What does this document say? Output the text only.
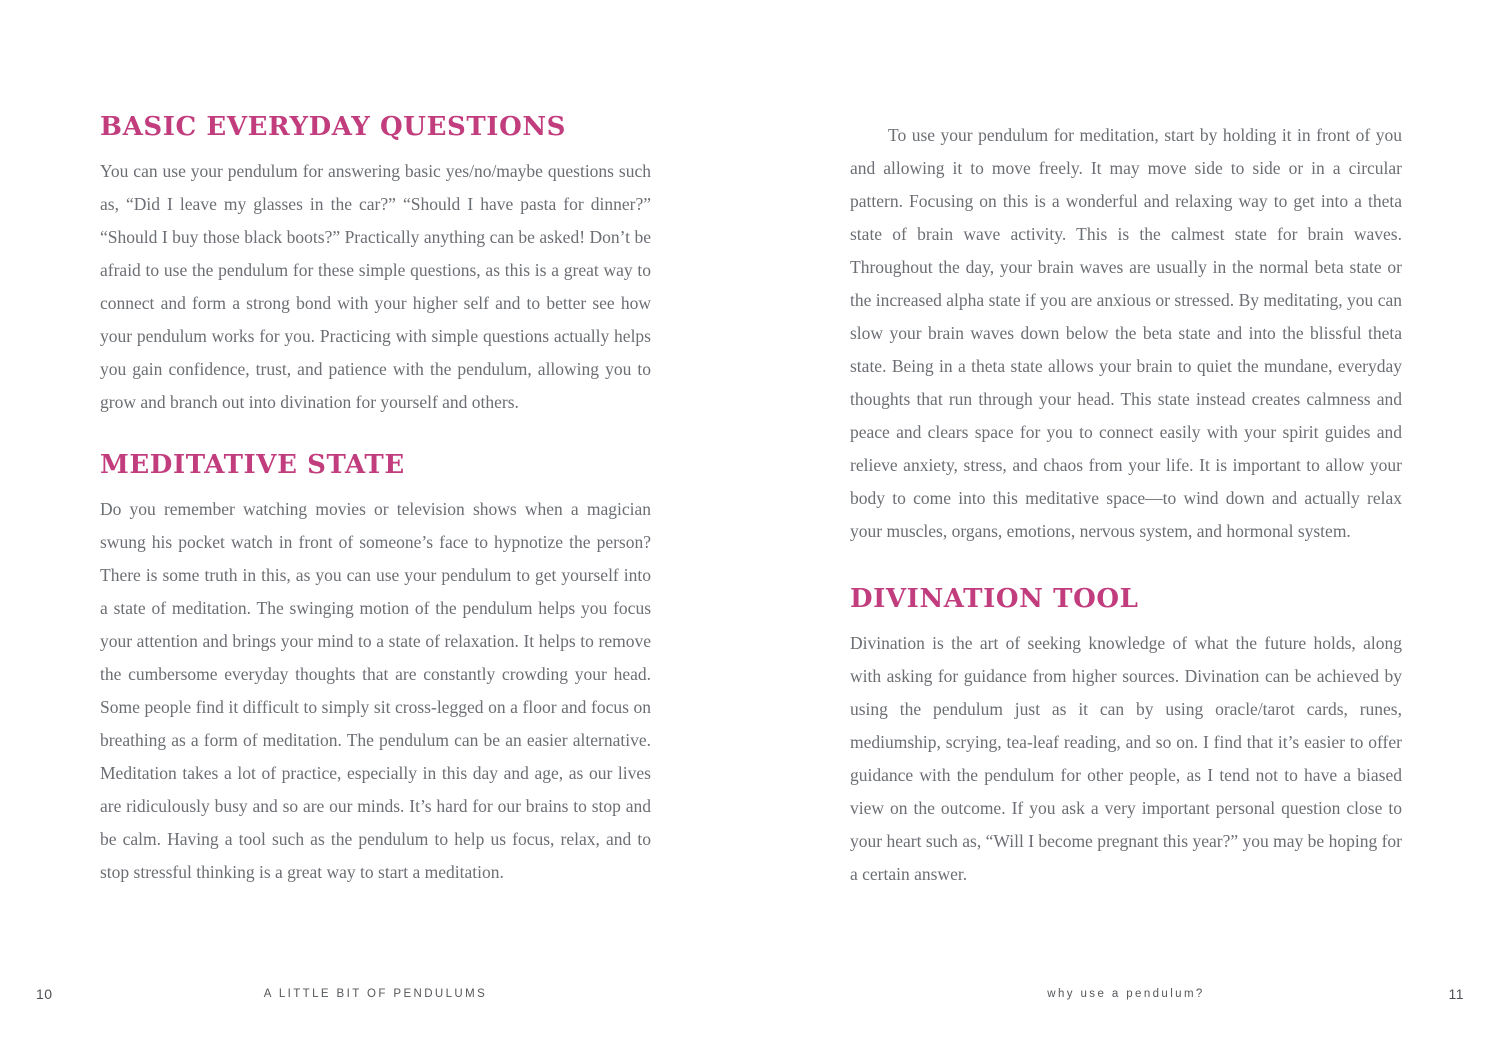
BASIC EVERYDAY QUESTIONS

You can use your pendulum for answering basic yes/no/maybe questions such as, “Did I leave my glasses in the car?” “Should I have pasta for dinner?” “Should I buy those black boots?” Practically anything can be asked! Don’t be afraid to use the pendulum for these simple questions, as this is a great way to connect and form a strong bond with your higher self and to better see how your pendulum works for you. Practicing with simple questions actually helps you gain confidence, trust, and patience with the pendulum, allowing you to grow and branch out into divination for yourself and others.

MEDITATIVE STATE

Do you remember watching movies or television shows when a magician swung his pocket watch in front of someone’s face to hypnotize the person? There is some truth in this, as you can use your pendulum to get yourself into a state of meditation. The swinging motion of the pendulum helps you focus your attention and brings your mind to a state of relaxation. It helps to remove the cumbersome everyday thoughts that are constantly crowding your head. Some people find it difficult to simply sit cross-legged on a floor and focus on breathing as a form of meditation. The pendulum can be an easier alternative. Meditation takes a lot of practice, especially in this day and age, as our lives are ridiculously busy and so are our minds. It’s hard for our brains to stop and be calm. Having a tool such as the pendulum to help us focus, relax, and to stop stressful thinking is a great way to start a meditation.

To use your pendulum for meditation, start by holding it in front of you and allowing it to move freely. It may move side to side or in a circular pattern. Focusing on this is a wonderful and relaxing way to get into a theta state of brain wave activity. This is the calmest state for brain waves. Throughout the day, your brain waves are usually in the normal beta state or the increased alpha state if you are anxious or stressed. By meditating, you can slow your brain waves down below the beta state and into the blissful theta state. Being in a theta state allows your brain to quiet the mundane, everyday thoughts that run through your head. This state instead creates calmness and peace and clears space for you to connect easily with your spirit guides and relieve anxiety, stress, and chaos from your life. It is important to allow your body to come into this meditative space—to wind down and actually relax your muscles, organs, emotions, nervous system, and hormonal system.

DIVINATION TOOL

Divination is the art of seeking knowledge of what the future holds, along with asking for guidance from higher sources. Divination can be achieved by using the pendulum just as it can by using oracle/tarot cards, runes, mediumship, scrying, tea-leaf reading, and so on. I find that it’s easier to offer guidance with the pendulum for other people, as I tend not to have a biased view on the outcome. If you ask a very important personal question close to your heart such as, “Will I become pregnant this year?” you may be hoping for a certain answer.

10	A LITTLE BIT OF PENDULUMS	why use a pendulum?	11
